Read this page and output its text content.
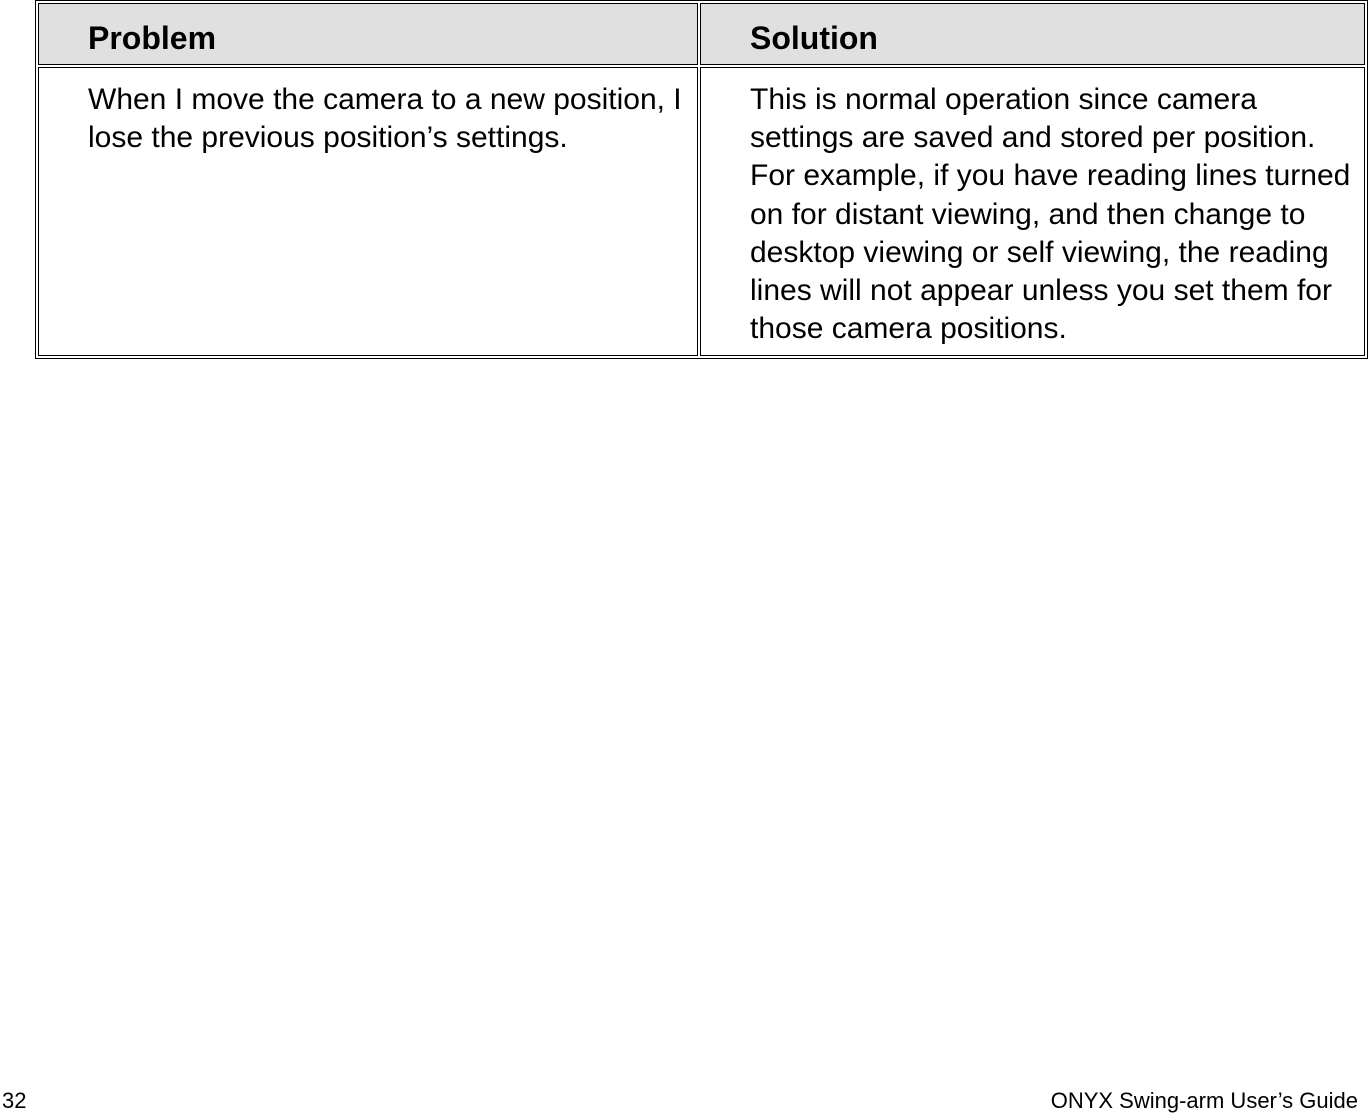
Problem	Solution
When I move the camera to a new position, I lose the previous position’s settings.	This is normal operation since camera settings are saved and stored per position. For example, if you have reading lines turned on for distant viewing, and then change to desktop viewing or self viewing, the reading lines will not appear unless you set them for those camera positions.
32	ONYX Swing-arm User’s Guide
